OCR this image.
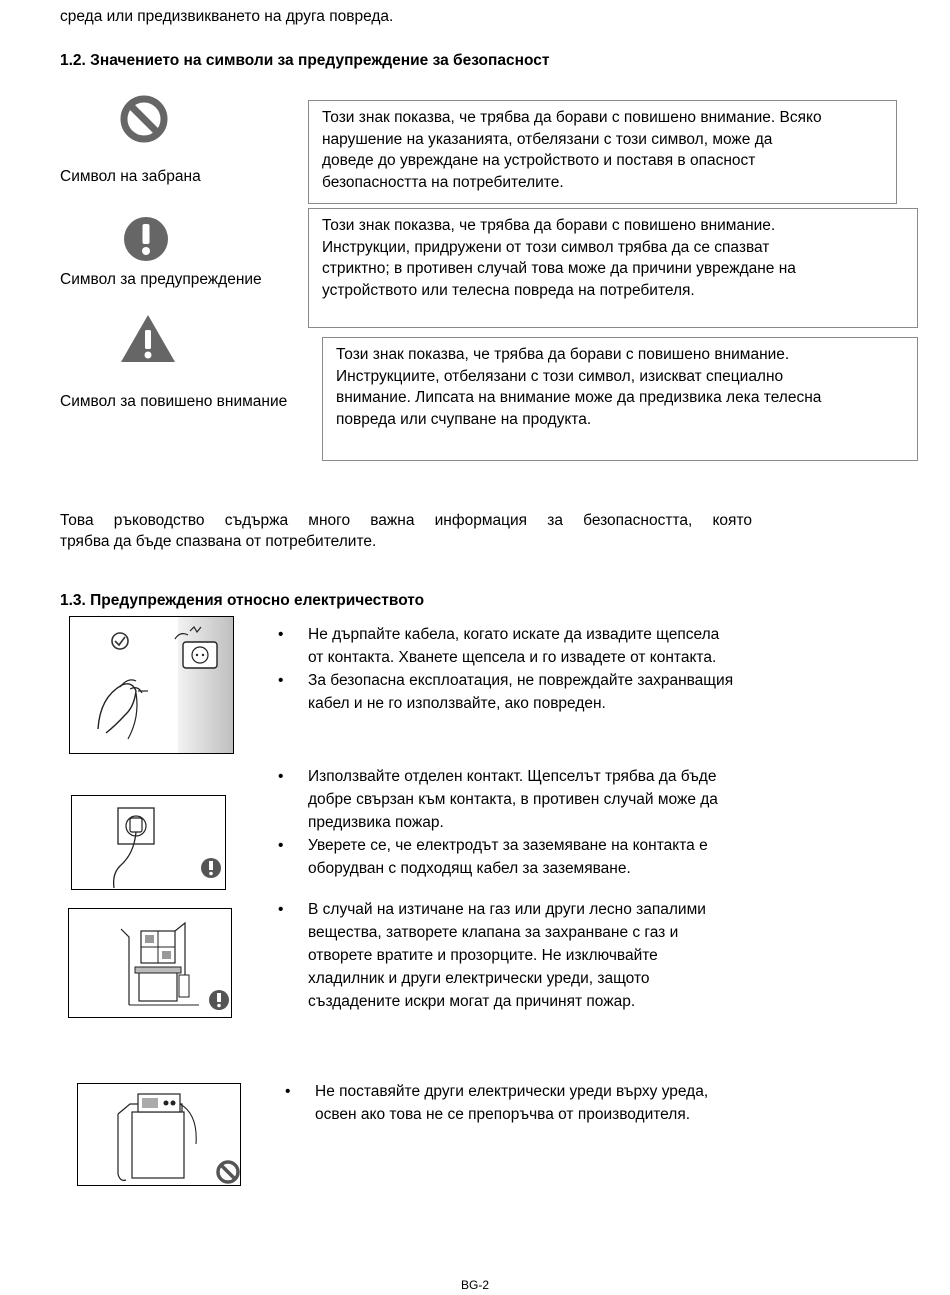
среда или предизвикването на друга повреда.
1.2. Значението на символи за предупреждение за безопасност
Символ на забрана
Този знак показва, че трябва да борави с повишено внимание. Всяко
нарушение на указанията, отбелязани с този символ, може да
доведе до увреждане на устройството и поставя в опасност
безопасността на потребителите.
Символ за предупреждение
Този знак показва, че трябва да борави с повишено внимание.
Инструкции, придружени от този символ трябва да се спазват
стриктно; в противен случай това може да причини увреждане на
устройството или телесна повреда на потребителя.
Символ за повишено внимание
Този знак показва, че трябва да борави с повишено внимание.
Инструкциите, отбелязани с този символ, изискват специално
внимание. Липсата на внимание може да предизвика лека телесна
повреда или счупване на продукта.
Това ръководство съдържа много важна информация за безопасността, която
трябва да бъде спазвана от потребителите.
1.3. Предупреждения относно електричеството
• Не дърпайте кабела, когато искате да извадите щепсела
от контакта. Хванете щепсела и го извадете от контакта.
• За безопасна експлоатация, не повреждайте захранващия
кабел и не го използвайте, ако повреден.
• Използвайте отделен контакт. Щепселът трябва да бъде
добре свързан към контакта, в противен случай може да
предизвика пожар.
• Уверете се, че електродът за заземяване на контакта е
оборудван с подходящ кабел за заземяване.
• В случай на изтичане на газ или други лесно запалими
вещества, затворете клапана за захранване с газ и
отворете вратите и прозорците. Не изключвайте
хладилник и други електрически уреди, защото
създадените искри могат да причинят пожар.
• Не поставяйте други електрически уреди върху уреда,
освен ако това не се препоръчва от производителя.
BG-2
